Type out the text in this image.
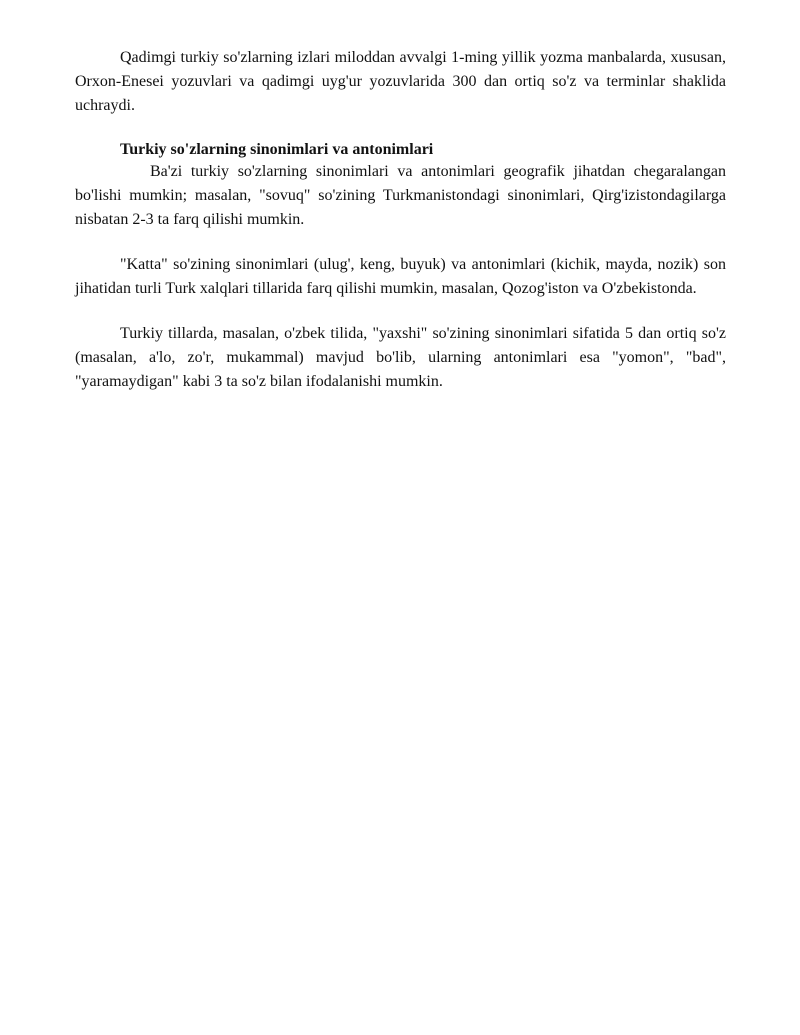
Qadimgi turkiy so'zlarning izlari miloddan avvalgi 1-ming yillik yozma manbalarda, xususan, Orxon-Enesei yozuvlari va qadimgi uyg'ur yozuvlarida 300 dan ortiq so'z va terminlar shaklida uchraydi.

Turkiy so'zlarning sinonimlari va antonimlari

Ba'zi turkiy so'zlarning sinonimlari va antonimlari geografik jihatdan chegaralangan bo'lishi mumkin; masalan, "sovuq" so'zining Turkmanistondagi sinonimlari, Qirg'izistondagilarga nisbatan 2-3 ta farq qilishi mumkin.

"Katta" so'zining sinonimlari (ulug', keng, buyuk) va antonimlari (kichik, mayda, nozik) son jihatidan turli Turk xalqlari tillarida farq qilishi mumkin, masalan, Qozog'iston va O'zbekistonda.

Turkiy tillarda, masalan, o'zbek tilida, "yaxshi" so'zining sinonimlari sifatida 5 dan ortiq so'z (masalan, a'lo, zo'r, mukammal) mavjud bo'lib, ularning antonimlari esa "yomon", "bad", "yaramaydigan" kabi 3 ta so'z bilan ifodalanishi mumkin.
